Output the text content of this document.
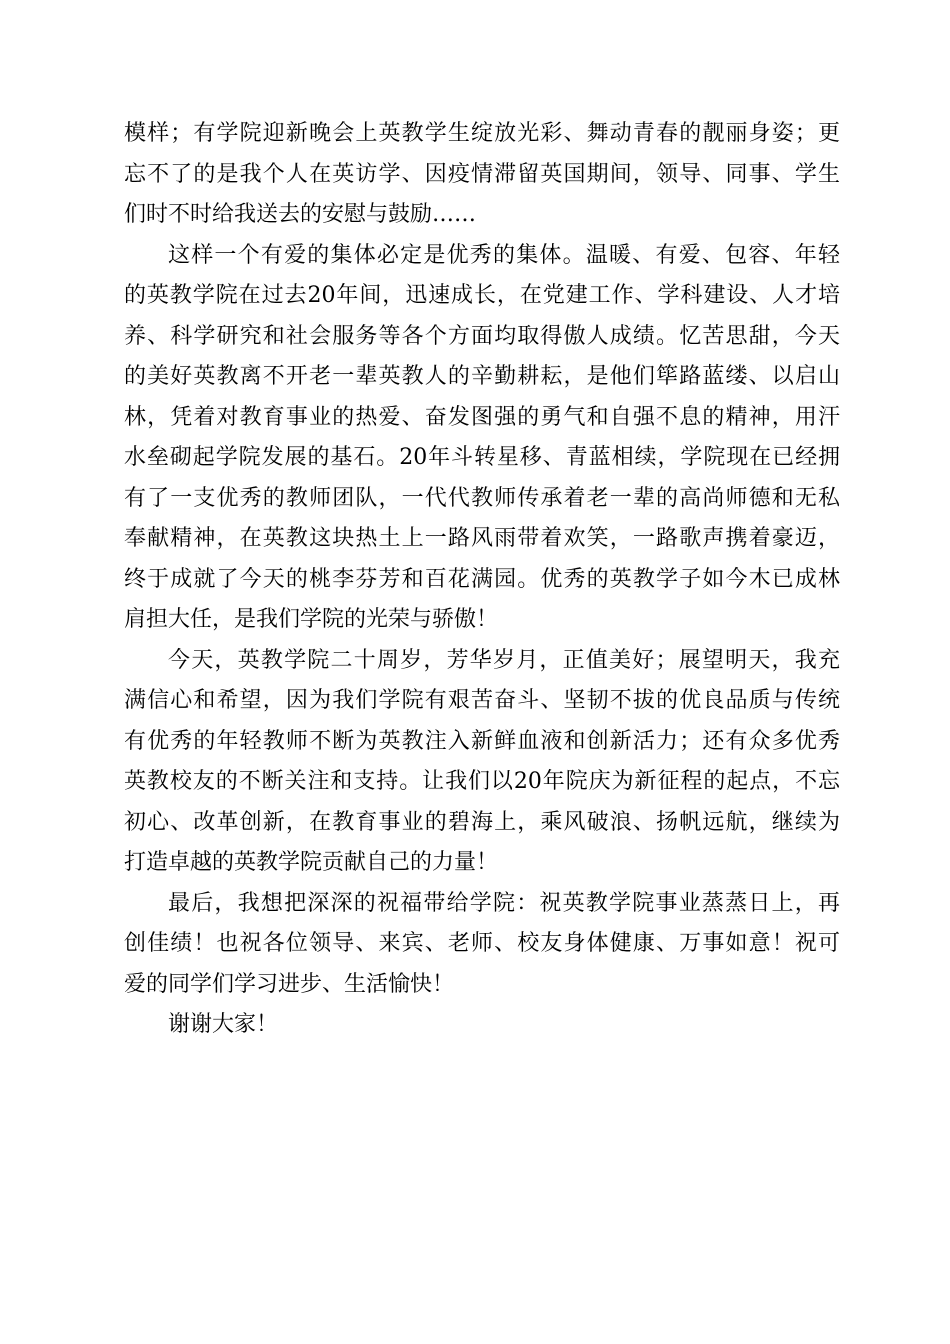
模样；有学院迎新晚会上英教学生绽放光彩、舞动青春的靓丽身姿；更
忘不了的是我个人在英访学、因疫情滞留英国期间，领导、同事、学生
们时不时给我送去的安慰与鼓励……
这样一个有爱的集体必定是优秀的集体。温暖、有爱、包容、年轻
的英教学院在过去20年间，迅速成长，在党建工作、学科建设、人才培
养、科学研究和社会服务等各个方面均取得傲人成绩。忆苦思甜，今天
的美好英教离不开老一辈英教人的辛勤耕耘，是他们筚路蓝缕、以启山
林，凭着对教育事业的热爱、奋发图强的勇气和自强不息的精神，用汗
水垒砌起学院发展的基石。20年斗转星移、青蓝相续，学院现在已经拥
有了一支优秀的教师团队，一代代教师传承着老一辈的高尚师德和无私
奉献精神，在英教这块热土上一路风雨带着欢笑，一路歌声携着豪迈，
终于成就了今天的桃李芬芳和百花满园。优秀的英教学子如今木已成林
肩担大任，是我们学院的光荣与骄傲！
今天，英教学院二十周岁，芳华岁月，正值美好；展望明天，我充
满信心和希望，因为我们学院有艰苦奋斗、坚韧不拔的优良品质与传统
有优秀的年轻教师不断为英教注入新鲜血液和创新活力；还有众多优秀
英教校友的不断关注和支持。让我们以20年院庆为新征程的起点，不忘
初心、改革创新，在教育事业的碧海上，乘风破浪、扬帆远航，继续为
打造卓越的英教学院贡献自己的力量！
最后，我想把深深的祝福带给学院：祝英教学院事业蒸蒸日上，再
创佳绩！也祝各位领导、来宾、老师、校友身体健康、万事如意！祝可
爱的同学们学习进步、生活愉快！
谢谢大家！
